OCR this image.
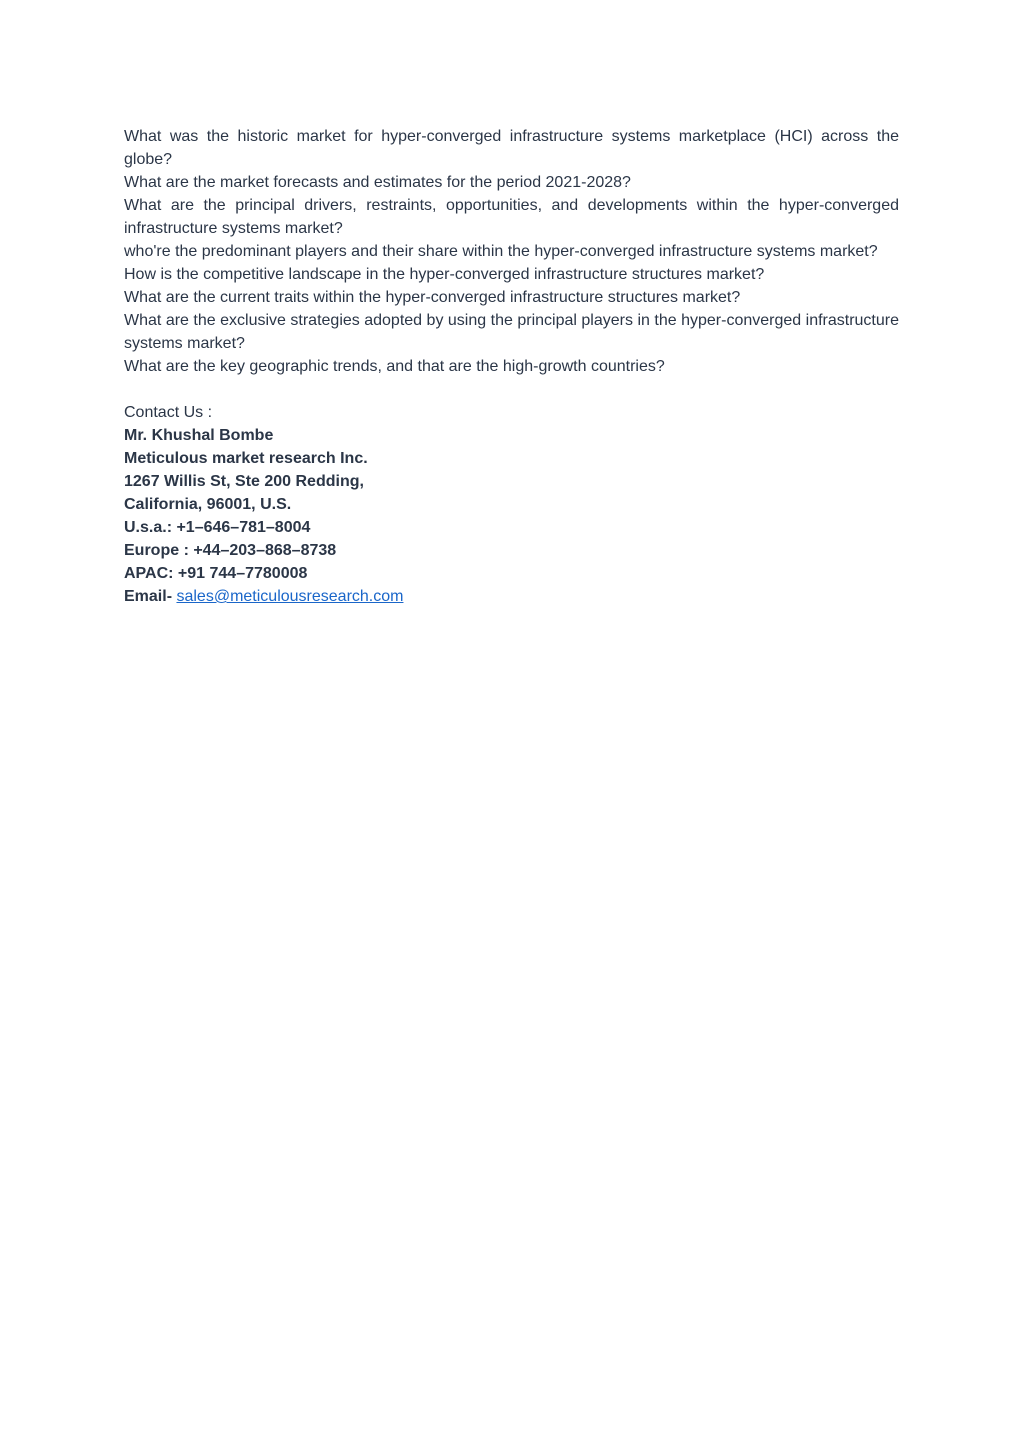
What was the historic market for hyper-converged infrastructure systems marketplace (HCI) across the globe?

What are the market forecasts and estimates for the period 2021-2028?

What are the principal drivers, restraints, opportunities, and developments within the hyper-converged infrastructure systems market?

who're the predominant players and their share within the hyper-converged infrastructure systems market?

How is the competitive landscape in the hyper-converged infrastructure structures market?

What are the current traits within the hyper-converged infrastructure structures market?

What are the exclusive strategies adopted by using the principal players in the hyper-converged infrastructure systems market?

What are the key geographic trends, and that are the high-growth countries?

Contact Us :

Mr. Khushal Bombe

Meticulous market research Inc.

1267 Willis St, Ste 200 Redding,

California, 96001, U.S.

U.s.a.: +1–646–781–8004

Europe : +44–203–868–8738

APAC: +91 744–7780008

Email- sales@meticulousresearch.com
